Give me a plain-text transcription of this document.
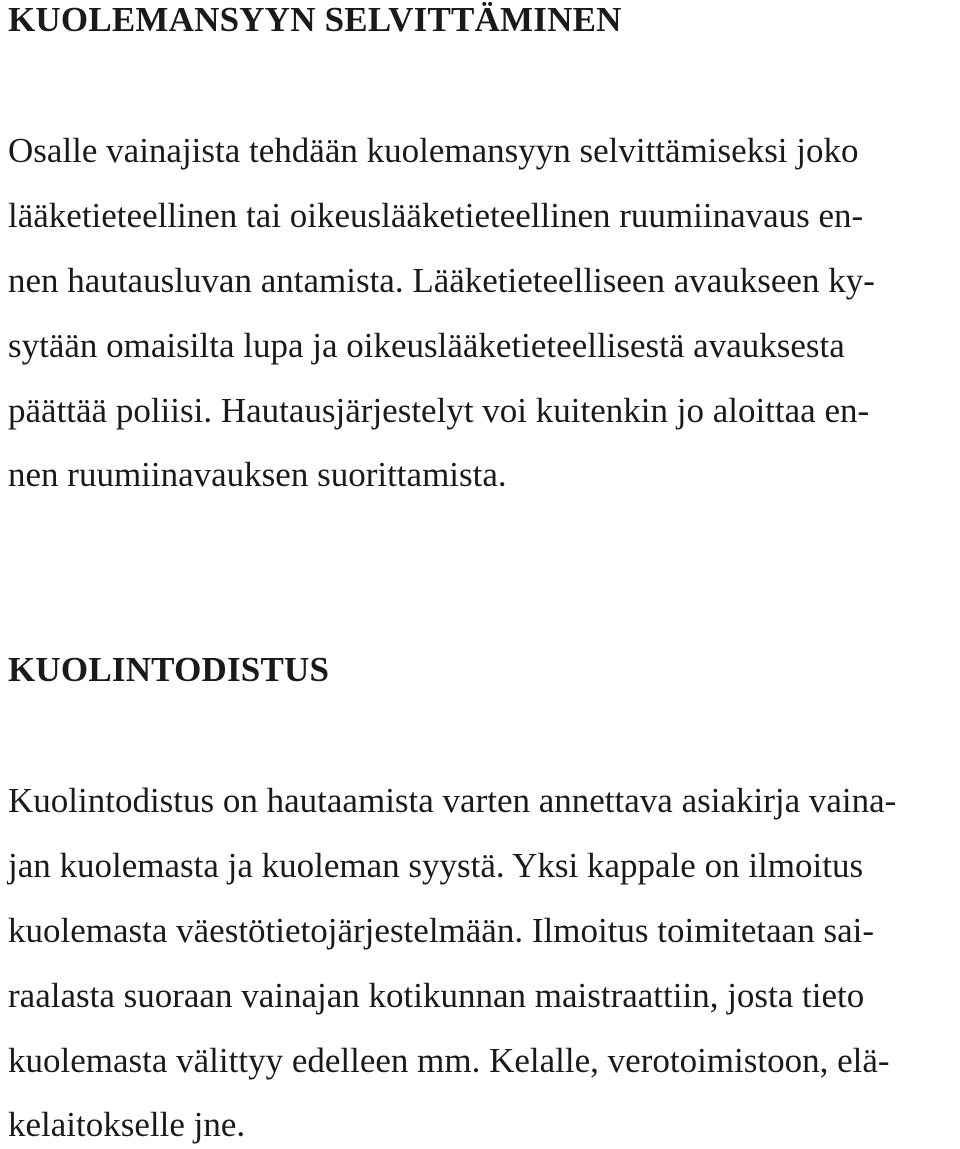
KUOLEMANSYYN SELVITTÄMINEN

Osalle vainajista tehdään kuolemansyyn selvittämiseksi joko

lääketieteellinen tai oikeuslääketieteellinen ruumiinavaus en-

nen hautausluvan antamista. Lääketieteelliseen avaukseen ky-

sytään omaisilta lupa ja oikeuslääketieteellisestä avauksesta

päättää poliisi. Hautausjärjestelyt voi kuitenkin jo aloittaa en-

nen ruumiinavauksen suorittamista.

KUOLINTODISTUS

Kuolintodistus on hautaamista varten annettava asiakirja vaina-

jan kuolemasta ja kuoleman syystä. Yksi kappale on ilmoitus

kuolemasta väestötietojärjestelmään. Ilmoitus toimitetaan sai-

raalasta suoraan vainajan kotikunnan maistraattiin, josta tieto

kuolemasta välittyy edelleen mm. Kelalle, verotoimistoon, elä-

kelaitokselle jne.
